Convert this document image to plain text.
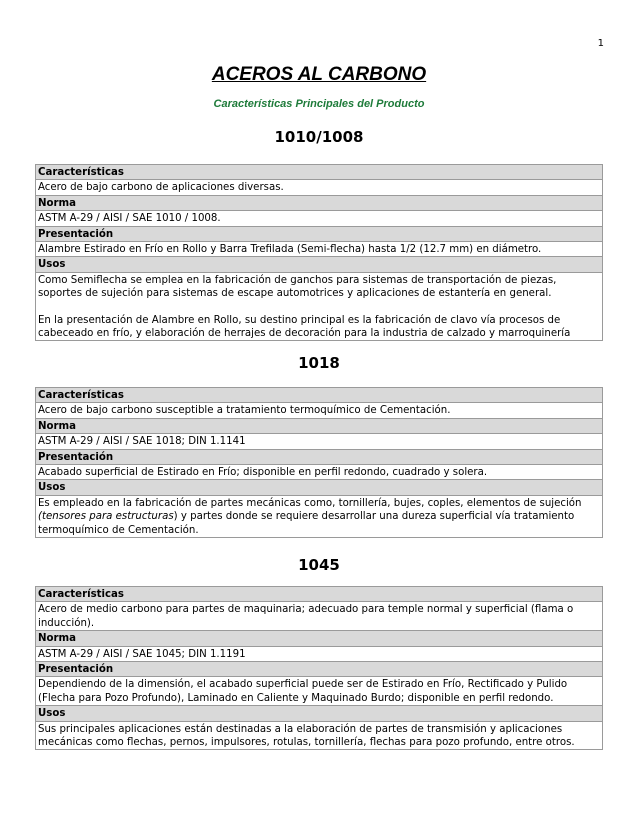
1
ACEROS AL CARBONO
Características Principales del Producto
1010/1008
Características
Acero de bajo carbono de aplicaciones diversas.
Norma
ASTM A-29 / AISI / SAE 1010 / 1008.
Presentación
Alambre Estirado en Frío en Rollo y Barra Trefilada (Semi-flecha) hasta 1/2 (12.7 mm) en diámetro.
Usos
Como Semiflecha se emplea en la fabricación de ganchos para sistemas de transportación de piezas, soportes de sujeción para sistemas de escape automotrices y aplicaciones de estantería en general.
En la presentación de Alambre en Rollo, su destino principal es la fabricación de clavo vía procesos de cabeceado en frío, y elaboración de herrajes de decoración para la industria de calzado y marroquinería
1018
Características
Acero de bajo carbono susceptible a tratamiento termoquímico de Cementación.
Norma
ASTM A-29 / AISI / SAE 1018; DIN 1.1141
Presentación
Acabado superficial de Estirado en Frío; disponible en perfil redondo, cuadrado y solera.
Usos
Es empleado en la fabricación de partes mecánicas como, tornillería, bujes, coples, elementos de sujeción (tensores para estructuras) y partes donde se requiere desarrollar una dureza superficial vía tratamiento termoquímico de Cementación.
1045
Características
Acero de medio carbono para partes de maquinaria; adecuado para temple normal y superficial (flama o inducción).
Norma
ASTM A-29 / AISI / SAE 1045; DIN 1.1191
Presentación
Dependiendo de la dimensión, el acabado superficial puede ser de Estirado en Frío, Rectificado y Pulido (Flecha para Pozo Profundo), Laminado en Caliente y Maquinado Burdo; disponible en perfil redondo.
Usos
Sus principales aplicaciones están destinadas a la elaboración de partes de transmisión y aplicaciones mecánicas como flechas, pernos, impulsores, rotulas, tornillería, flechas para pozo profundo, entre otros.
